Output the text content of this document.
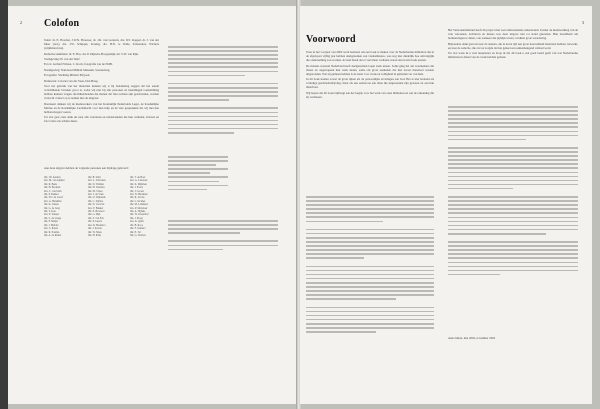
2 Colofon

Tekst: dr. E. Boschet, J.W.N. Brouwer, dr. J.R. van Gorkom, drs. W.J. Kappel, dr. J. van der Meer (red.), drs. J.W. Schipper, Zondag, drs. H.N. te Velde, Schreuders, Wichers (wijkhistoricus).

Redactiecommissie: dr. E. Bos, drs. P. Dijkstra-Hoogendijk, mr. S.W. van Rijn.

Vormgeving: H. van der Werf.

Foto's: Archief NOAA, C. Koch, fotografie van de NOB.

Naamgeving: Nationaal Militair Museum, Soesterberg.

Fotografie: Stichting Militair Erfgoed.

Drukwerk: Coloriet van der Veen, Den Haag.

Voor het gebruik van het materiaal kunnen wij u bij benadering zeggen dat het aantal verschillende bronnen groot is, zodat wij niet bij alle personen en instellingen toestemming hebben kunnen vragen. Rechthebbenden die menen dat hun rechten zijn geschonden, worden verzocht contact op te nemen met de uitgever.

Daarnaast danken wij de medewerkers van het Koninklijk Nederlands Leger, de Koninklijke Marine en de Koninklijke Luchtmacht voor hun hulp en de vele gesprekken die wij met hen hebben mogen voeren.

Tot slot gaat onze dank uit naar alle veteranen en nabestaanden die hun verhalen, brieven en foto's met ons wilden delen.

Aan deze uitgave hebben de volgende personen een bijdrage geleverd:
dhr. J.P. Aalders
mw. M. van Alphen
dhr. R. Beek
dhr. H. Bosman
mw. C. van Dam
dhr. P. Dekker
dhr. W.J. de Graaf
mw. A. Hendriks
dhr. K. Jansen
dhr. G. de Jong
dhr. T. Kok
mw. E. Kuiper
dhr. L. de Lange
dhr. F. Meijer
dhr. J. Mulder
mw. S. Peters
dhr. R. Postma
dhr. A. de Ruiter
dhr. B. Smit
mw. L. Schouten
dhr. D. Timmer
dhr. H. Veenstra
dhr. M. Visser
mw. I. de Vries
dhr. O. Wijnands
dhr. C. Zijlstra
dhr. N. van Zon
mw. Y. Bakker
dhr. E. Brouwer
dhr. G. Dijk
dhr. S. van Eck
dhr. P. Geerts
mw. R. Hoekstra
dhr. J. Koster
dhr. W. Maas
dhr. H. Prins
dhr. T. de Boer
mw. A. Claassen
dhr. K. Dijkman
dhr. J. Evers
dhr. V. Groen
mw. N. Hermans
dhr. R. Jacobs
dhr. L. Kramer
dhr. M. Lammers
mw. P. Molenaar
dhr. A. Nijhuis
dhr. W. Oosterhof
dhr. J. Ploeg
mw. K. Quist
dhr. B. Roos
dhr. F. Sanders
dhr. E. Tol
dhr. G. Wolters
3
Voorwoord

Toen in het voorjaar van 2002 werd besloten om een boek te maken over de Nederlandse militairen die in de afgelopen vijftig jaar hebben deelgenomen aan vredesmissies, was nog niet duidelijk hoe omvangrijk die onderneming zou worden. Al snel bleek dat er veel meer verhalen waren dan in één boek passen.

De missies waaraan Nederland heeft deelgenomen lopen sterk uiteen. Soms ging het om waarnemers die alleen en ongewapend hun werk deden, soms om grote eenheden die met zwaar materieel werden uitgezonden. Wat zij gemeen hebben is de inzet voor vrede en veiligheid in gebieden ver van huis.

In dit boek komen zowel de grote lijnen als de persoonlijke ervaringen aan bod. Het is niet bedoeld als volledige geschiedschrijving, maar als een eerbetoon aan allen die uitgezonden zijn geweest en aan hun thuisfront.

Wij hopen dat dit boek bijdraagt aan het begrip voor het werk van onze militairen en aan de erkenning die zij verdienen.

Het Veteraneninstituut heeft dit project met veel enthousiasme ondersteund. Zonder de medewerking van de vele veteranen, archieven en musea was deze uitgave niet tot stand gekomen. Hun bereidheid om herinneringen te delen, ook wanneer die pijnlijk waren, verdient grote waardering.

Bijzondere dank gaat uit naar de auteurs, die in korte tijd een grote hoeveelheid materiaal hebben verwerkt, en naar de redactie, die ervoor zorgde dat het geheel een samenhangend verhaal werd.

Tot slot wens ik u veel leesplezier en hoop ik dat dit boek u een goed beeld geeft van wat Nederlandse militairen in dienst van de vrede hebben gedaan.

Anna Marsi, mei 2002, november 2002
